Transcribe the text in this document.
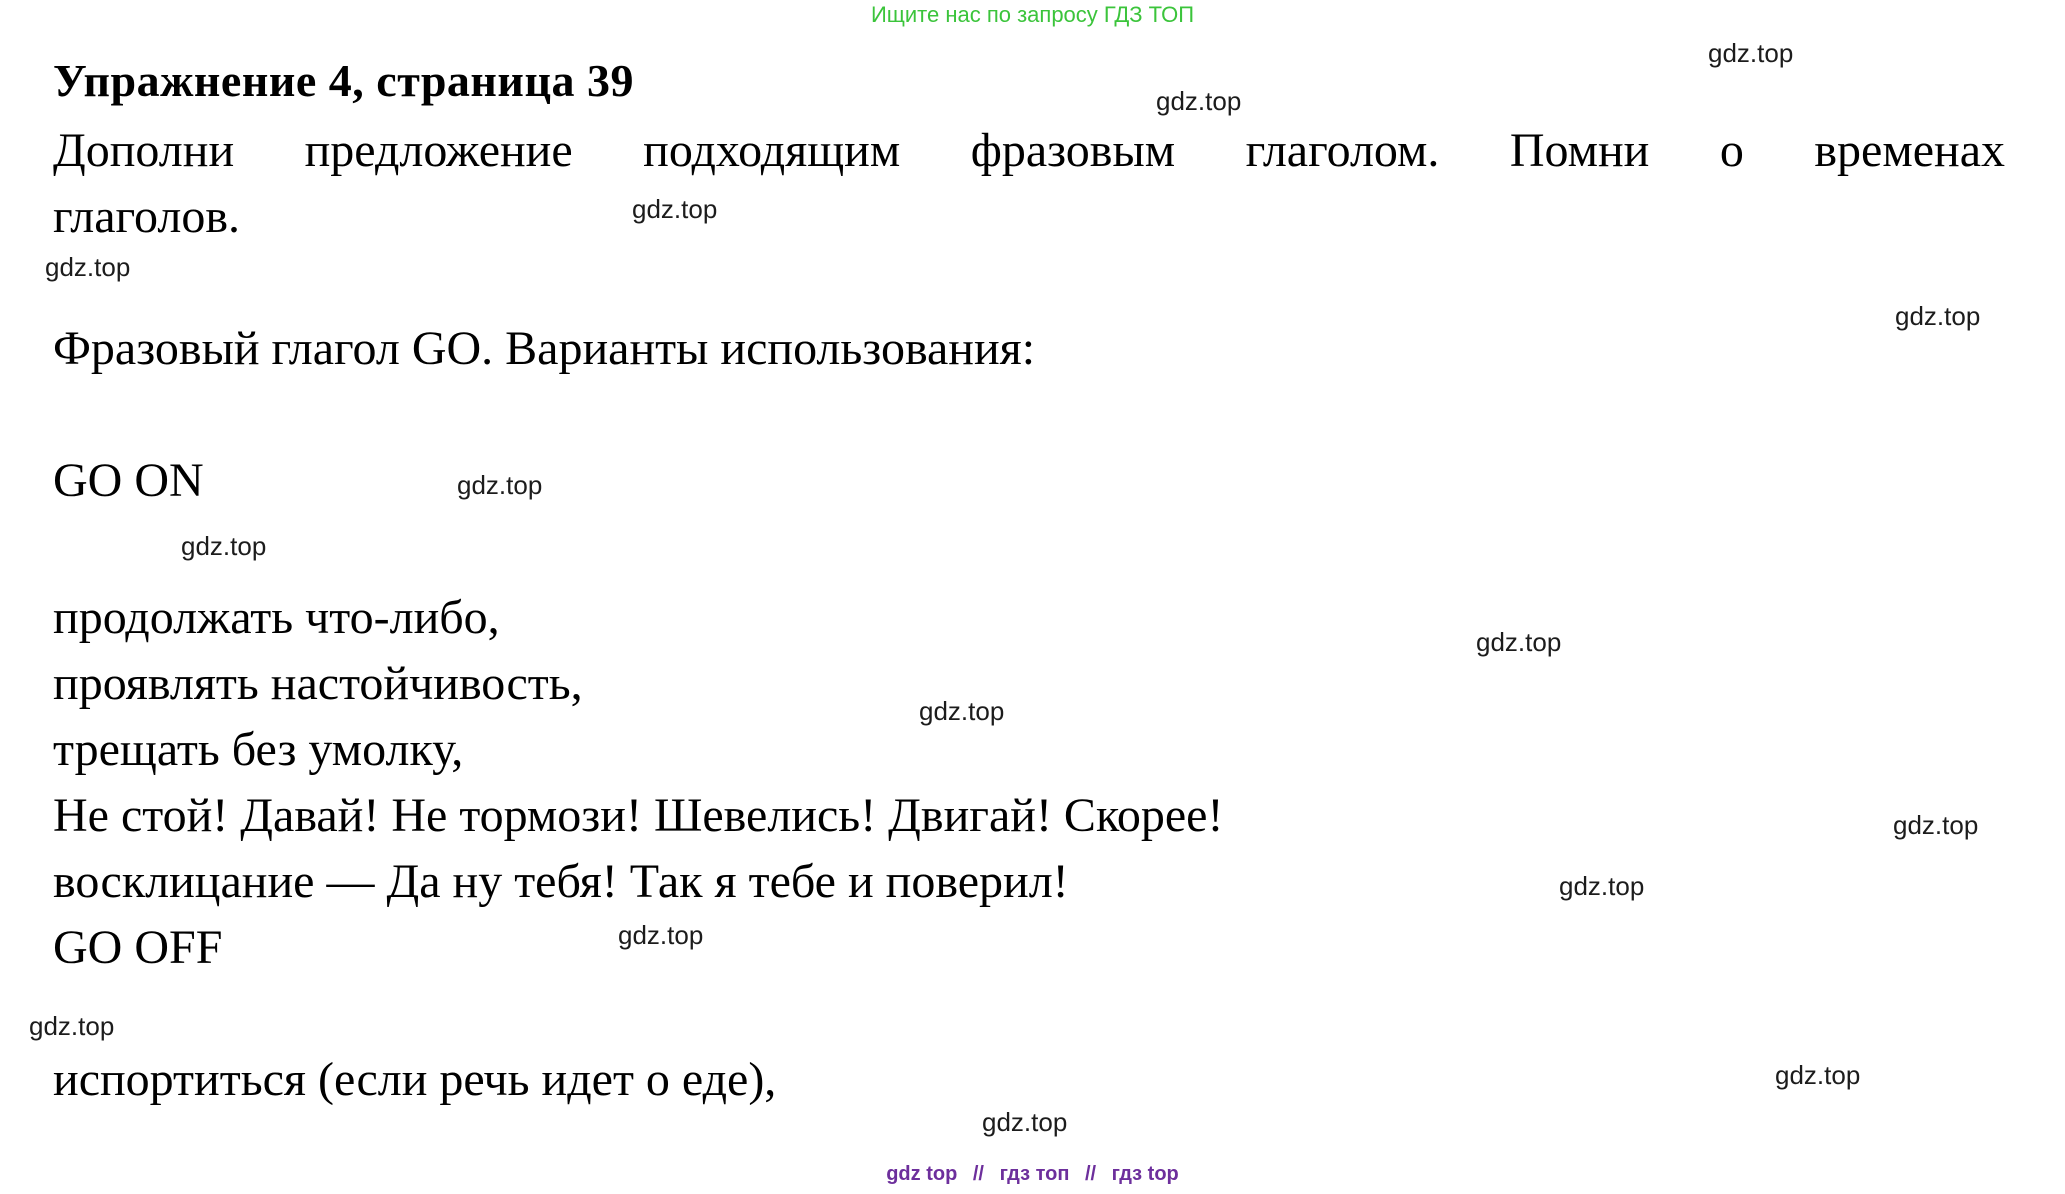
Ищите нас по запросу ГДЗ ТОП
gdz.top
gdz.top
gdz.top
gdz.top
gdz.top
gdz.top
gdz.top
gdz.top
gdz.top
gdz.top
gdz.top
gdz.top
gdz.top
gdz.top
gdz.top
Упражнение 4, страница 39
Дополни предложение подходящим фразовым глаголом. Помни о временах
глаголов.
Фразовый глагол GO. Варианты использования:
GO ON
продолжать что-либо,
проявлять настойчивость,
трещать без умолку,
Не стой! Давай! Не тормози! Шевелись! Двигай! Скорее!
восклицание — Да ну тебя! Так я тебе и поверил!
GO OFF
испортиться (если речь идет о еде),
gdz top // гдз топ // гдз top
